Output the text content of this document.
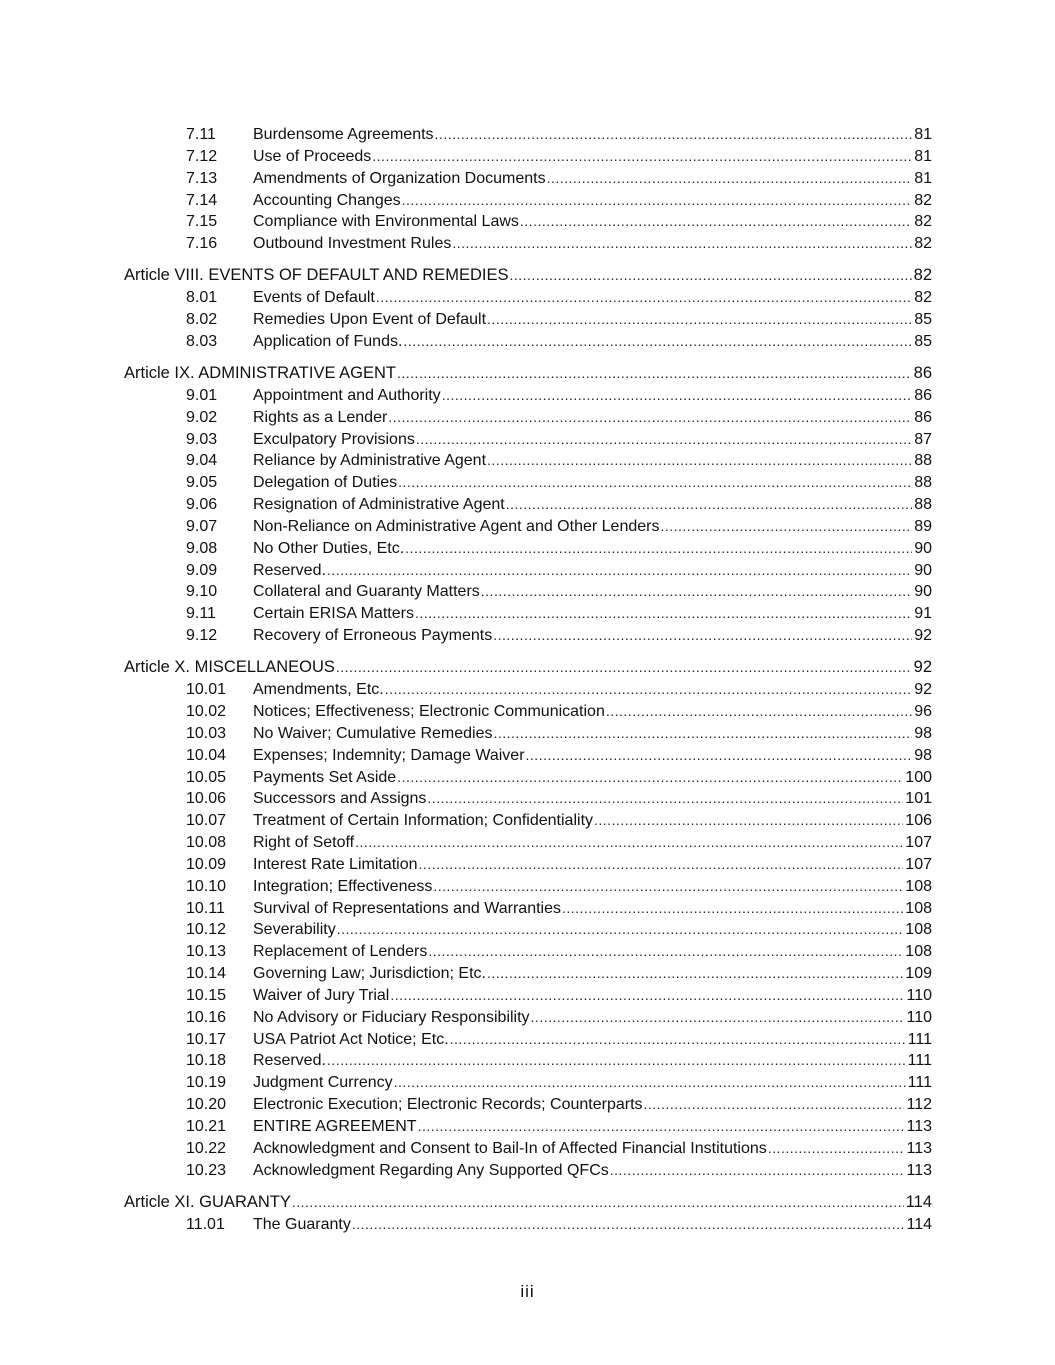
7.11 Burdensome Agreements .....	81
7.12 Use of Proceeds .....	81
7.13 Amendments of Organization Documents .....	81
7.14 Accounting Changes .....	82
7.15 Compliance with Environmental Laws .....	82
7.16 Outbound Investment Rules .....	82
Article VIII. EVENTS OF DEFAULT AND REMEDIES .....	82
8.01 Events of Default .....	82
8.02 Remedies Upon Event of Default .....	85
8.03 Application of Funds. .....	85
Article IX. ADMINISTRATIVE AGENT .....	86
9.01 Appointment and Authority .....	86
9.02 Rights as a Lender .....	86
9.03 Exculpatory Provisions .....	87
9.04 Reliance by Administrative Agent .....	88
9.05 Delegation of Duties .....	88
9.06 Resignation of Administrative Agent .....	88
9.07 Non-Reliance on Administrative Agent and Other Lenders .....	89
9.08 No Other Duties, Etc. .....	90
9.09 Reserved. .....	90
9.10 Collateral and Guaranty Matters .....	90
9.11 Certain ERISA Matters .....	91
9.12 Recovery of Erroneous Payments .....	92
Article X. MISCELLANEOUS .....	92
10.01 Amendments, Etc. .....	92
10.02 Notices; Effectiveness; Electronic Communication .....	96
10.03 No Waiver; Cumulative Remedies .....	98
10.04 Expenses; Indemnity; Damage Waiver .....	98
10.05 Payments Set Aside .....	100
10.06 Successors and Assigns .....	101
10.07 Treatment of Certain Information; Confidentiality .....	106
10.08 Right of Setoff .....	107
10.09 Interest Rate Limitation .....	107
10.10 Integration; Effectiveness .....	108
10.11 Survival of Representations and Warranties .....	108
10.12 Severability .....	108
10.13 Replacement of Lenders .....	108
10.14 Governing Law; Jurisdiction; Etc. .....	109
10.15 Waiver of Jury Trial .....	110
10.16 No Advisory or Fiduciary Responsibility .....	110
10.17 USA Patriot Act Notice; Etc. .....	111
10.18 Reserved. .....	111
10.19 Judgment Currency .....	111
10.20 Electronic Execution; Electronic Records; Counterparts .....	112
10.21 ENTIRE AGREEMENT .....	113
10.22 Acknowledgment and Consent to Bail-In of Affected Financial Institutions .....	113
10.23 Acknowledgment Regarding Any Supported QFCs .....	113
Article XI. GUARANTY .....	114
11.01 The Guaranty .....	114
iii
